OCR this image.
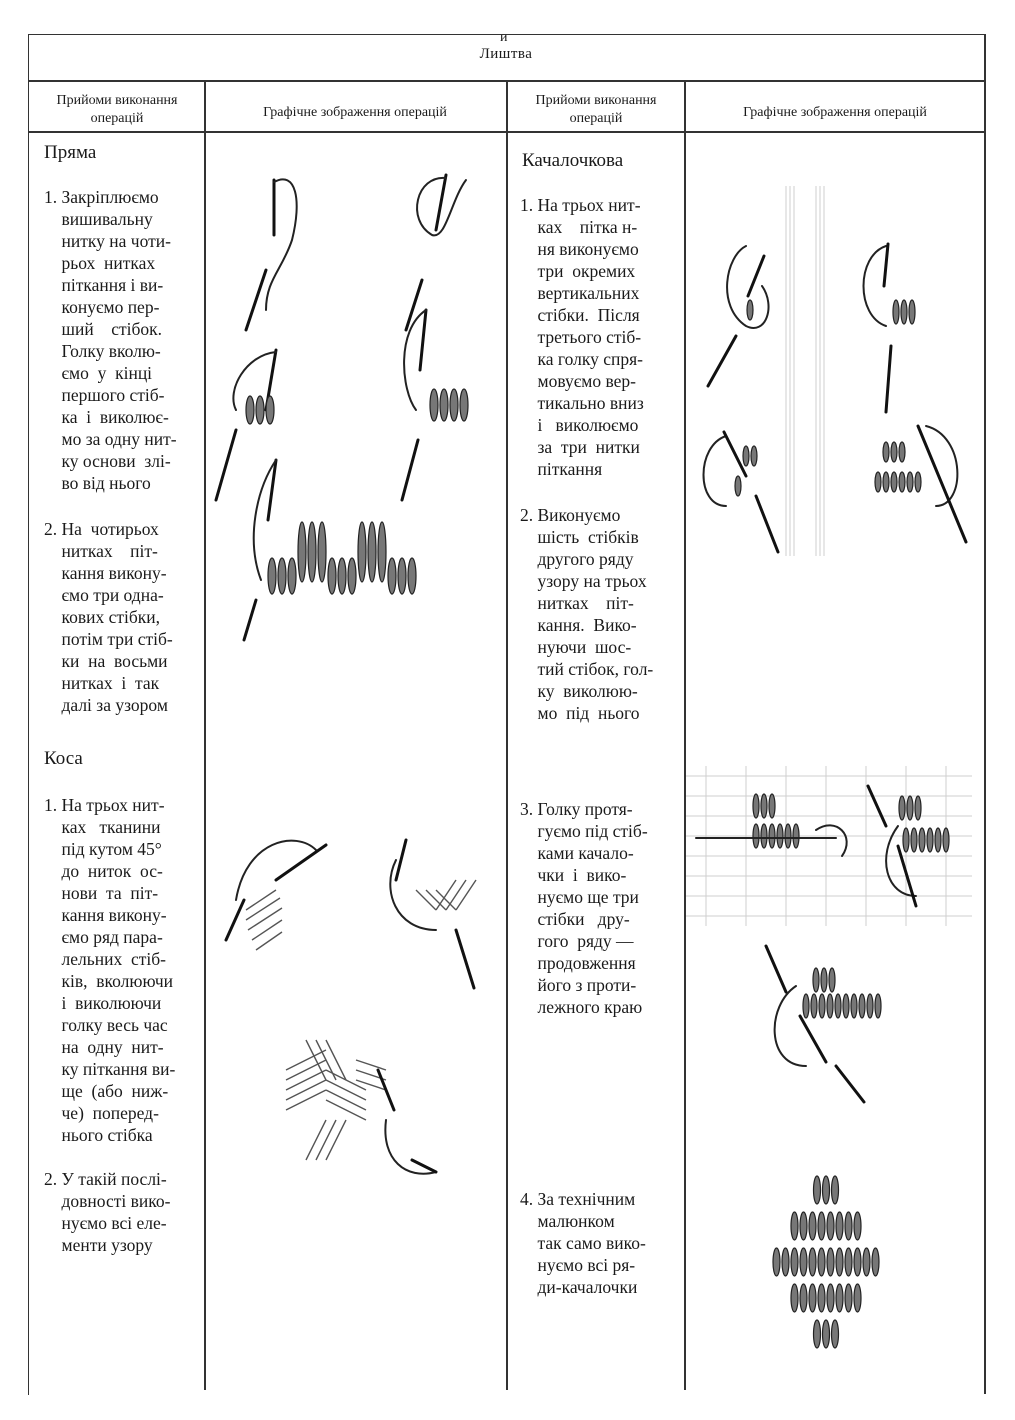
и
Лиштва
Прийоми виконання
операцій	Графічне зображення операцій
Прийоми виконання
операцій	Графічне зображення операцій
Пряма
1. Закріплюємо
вишивальну
нитку на чоти-
рьох  нитках
піткання і ви-
конуємо пер-
ший    стібок.
Голку вколю-
ємо  у  кінці
першого стіб-
ка  і  виколює-
мо за одну нит-
ку основи  злі-
во від нього
2. На  чотирьох
нитках    піт-
кання викону-
ємо три однa-
кових стібки,
потім три стіб-
ки  на  восьми
нитках  і  так
далі за узором
Коса
1. На трьох нит-
ках   тканини
під кутом 45°
до  ниток  ос-
нови  та  піт-
кання викону-
ємо ряд пара-
лельних  стіб-
ків,  вколюючи
і  виколюючи
голку весь час
на  одну  нит-
ку піткання ви-
ще  (або  ниж-
че)  поперед-
нього стібка
2. У такій послі-
довності вико-
нуємо всі еле-
менти узору
Качалочкова
1. На трьох нит-
ках    пітка н-
ня виконуємо
три  окремих
вертикальних
стібки.  Після
третього стіб-
ка голку спря-
мовуємо вер-
тикально вниз
і   виколюємо
за  три  нитки
піткання
2. Виконуємо
шість  стібків
другого ряду
узору на трьох
нитках    піт-
кання.  Вико-
нуючи  шос-
тий стібок, гол-
ку  виколюю-
мо  під  нього
3. Голку протя-
гуємо під стіб-
ками качало-
чки  і  вико-
нуємо ще три
стібки   дру-
гого  ряду —
продовження
його з проти-
лежного краю
4. За технічним
малюнком
так само вико-
нуємо всі ря-
ди-качалочки
